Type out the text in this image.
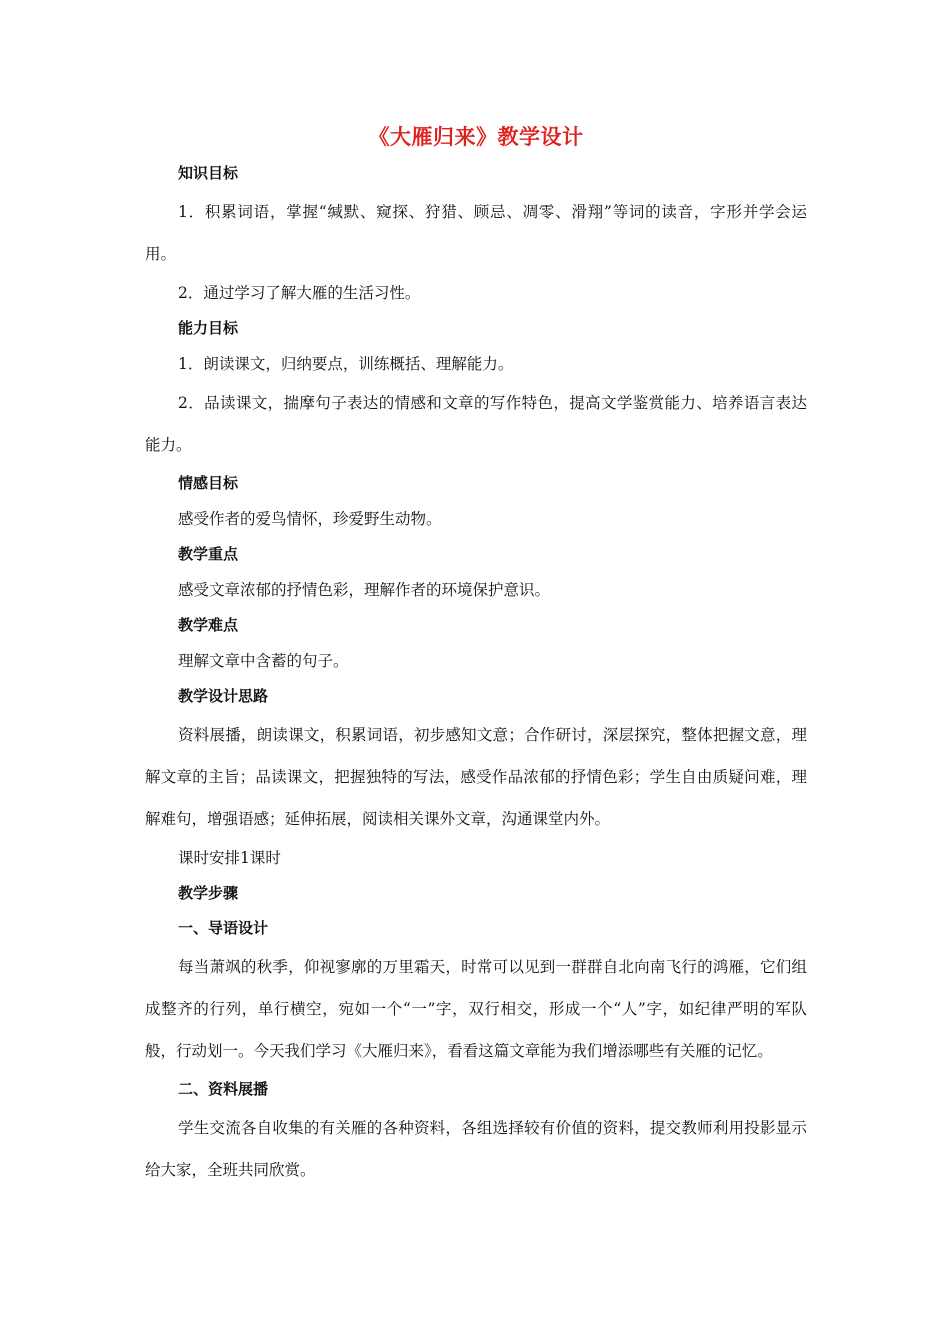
《大雁归来》教学设计
知识目标

1．积累词语，掌握“缄默、窥探、狩猎、顾忌、凋零、滑翔”等词的读音，字形并学会运用。

2．通过学习了解大雁的生活习性。

能力目标

1．朗读课文，归纳要点，训练概括、理解能力。

2．品读课文，揣摩句子表达的情感和文章的写作特色，提高文学鉴赏能力、培养语言表达能力。

情感目标

感受作者的爱鸟情怀，珍爱野生动物。

教学重点

感受文章浓郁的抒情色彩，理解作者的环境保护意识。

教学难点

理解文章中含蓄的句子。

教学设计思路

资料展播，朗读课文，积累词语，初步感知文意；合作研讨，深层探究，整体把握文意，理解文章的主旨；品读课文，把握独特的写法，感受作品浓郁的抒情色彩；学生自由质疑问难，理解难句，增强语感；延伸拓展，阅读相关课外文章，沟通课堂内外。

课时安排1课时

教学步骤
一、导语设计

每当萧飒的秋季，仰视寥廓的万里霜天，时常可以见到一群群自北向南飞行的鸿雁，它们组成整齐的行列，单行横空，宛如一个“一”字，双行相交，形成一个“人”字，如纪律严明的军队般，行动划一。今天我们学习《大雁归来》，看看这篇文章能为我们增添哪些有关雁的记忆。

二、资料展播

学生交流各自收集的有关雁的各种资料，各组选择较有价值的资料，提交教师利用投影显示给大家，全班共同欣赏。
